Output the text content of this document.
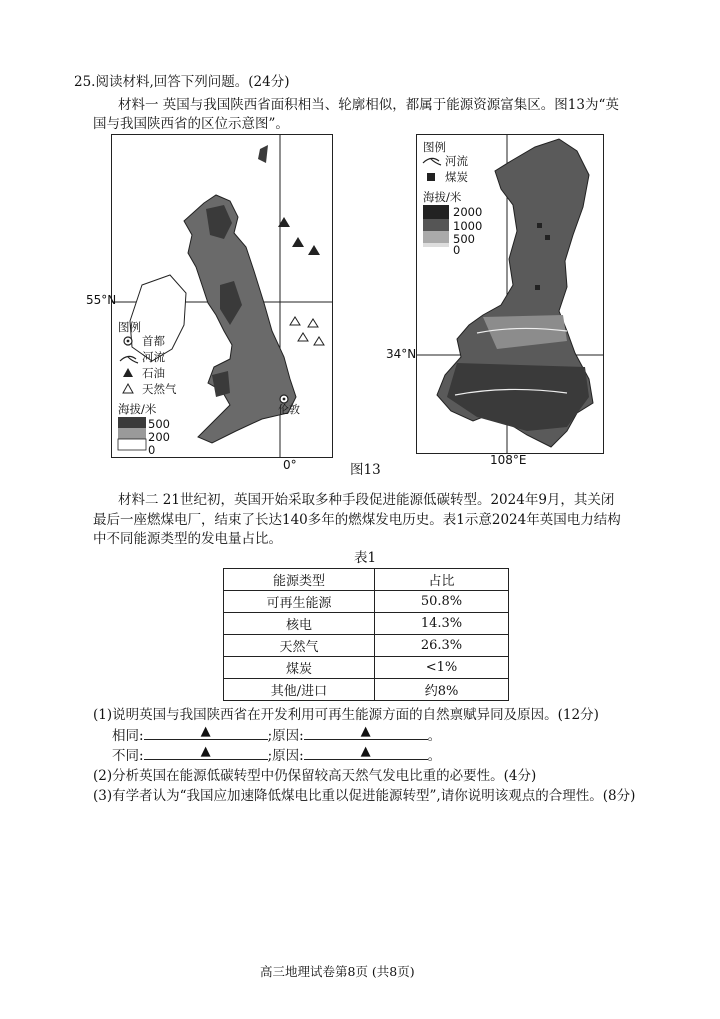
25.阅读材料,回答下列问题。(24分)
材料一 英国与我国陕西省面积相当、轮廓相似，都属于能源资源富集区。图13为“英
国与我国陕西省的区位示意图”。
图例
首都
河流
石油
天然气
海拔/米
500
200
0
伦敦
55°N
0°
图例
河流
煤炭
海拔/米
2000
1000
500
0
34°N
108°E
图13
材料二 21世纪初，英国开始采取多种手段促进能源低碳转型。2024年9月，其关闭
最后一座燃煤电厂，结束了长达140多年的燃煤发电历史。表1示意2024年英国电力结构
中不同能源类型的发电量占比。
表1
能源类型	占比
可再生能源	50.8%
核电	14.3%
天然气	26.3%
煤炭	<1%
其他/进口	约8%
(1)说明英国与我国陕西省在开发利用可再生能源方面的自然禀赋异同及原因。(12分)
相同:	▲	;原因:	▲	。
不同:	▲	;原因:	▲	。
(2)分析英国在能源低碳转型中仍保留较高天然气发电比重的必要性。(4分)
(3)有学者认为“我国应加速降低煤电比重以促进能源转型”,请你说明该观点的合理性。(8分)
高三地理试卷第8页 (共8页)
